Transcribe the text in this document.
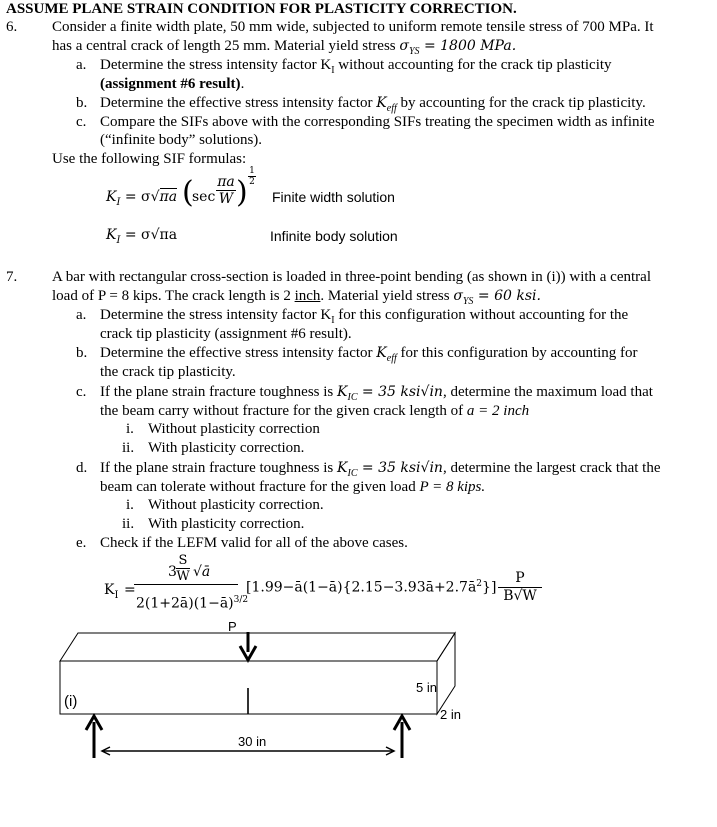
ASSUME PLANE STRAIN CONDITION FOR PLASTICITY CORRECTION.
6. Consider a finite width plate, 50 mm wide, subjected to uniform remote tensile stress of 700 MPa. It
has a central crack of length 25 mm. Material yield stress $\sigma_{YS} = 1800$ MPa.
a. Determine the stress intensity factor $K_I$ without accounting for the crack tip plasticity
(assignment #6 result).
b. Determine the effective stress intensity factor $K_{eff}$ by accounting for the crack tip plasticity.
c. Compare the SIFs above with the corresponding SIFs treating the specimen width as infinite
(“infinite body” solutions).
Use the following SIF formulas:
$K_I = \sigma√\pi a$ (
$\sec \frac{\pi a}{W}$ ) $\frac{1}{2}$
Finite width solution
$K_I = \sigma√\pi a$	Infinite body solution
7. A bar with rectangular cross-section is loaded in three-point bending (as shown in (i)) with a central
load of P = 8 kips. The crack length is 2 inch. Material yield stress $\sigma_{YS} = 60$ ksi.
a. Determine the stress intensity factor $K_I$ for this configuration without accounting for the
crack tip plasticity (assignment #6 result).
b. Determine the effective stress intensity factor $K_{eff}$ for this configuration by accounting for
the crack tip plasticity.
c. If the plane strain fracture toughness is $K_{IC} = 35$ ksi√in, determine the maximum load that
the beam carry without fracture for the given crack length of a = 2 inch
i. Without plasticity correction
ii. With plasticity correction.
d. If the plane strain fracture toughness is $K_{IC} = 35$ ksi√in, determine the largest crack that the
beam can tolerate without fracture for the given load P = 8 kips.
i. Without plasticity correction.
ii. With plasticity correction.
e. Check if the LEFM valid for all of the above cases.
$K_I$ =
$3 \frac{S}{W}$ √ā
2(1+2ā)(1−ā)$^{3/2}$
$[1.99-ā(1-ā)\{2.15-3.93ā+2.7ā^2\}] \frac{P}{B√W}$
P
(i)
5 in
2 in
30 in
